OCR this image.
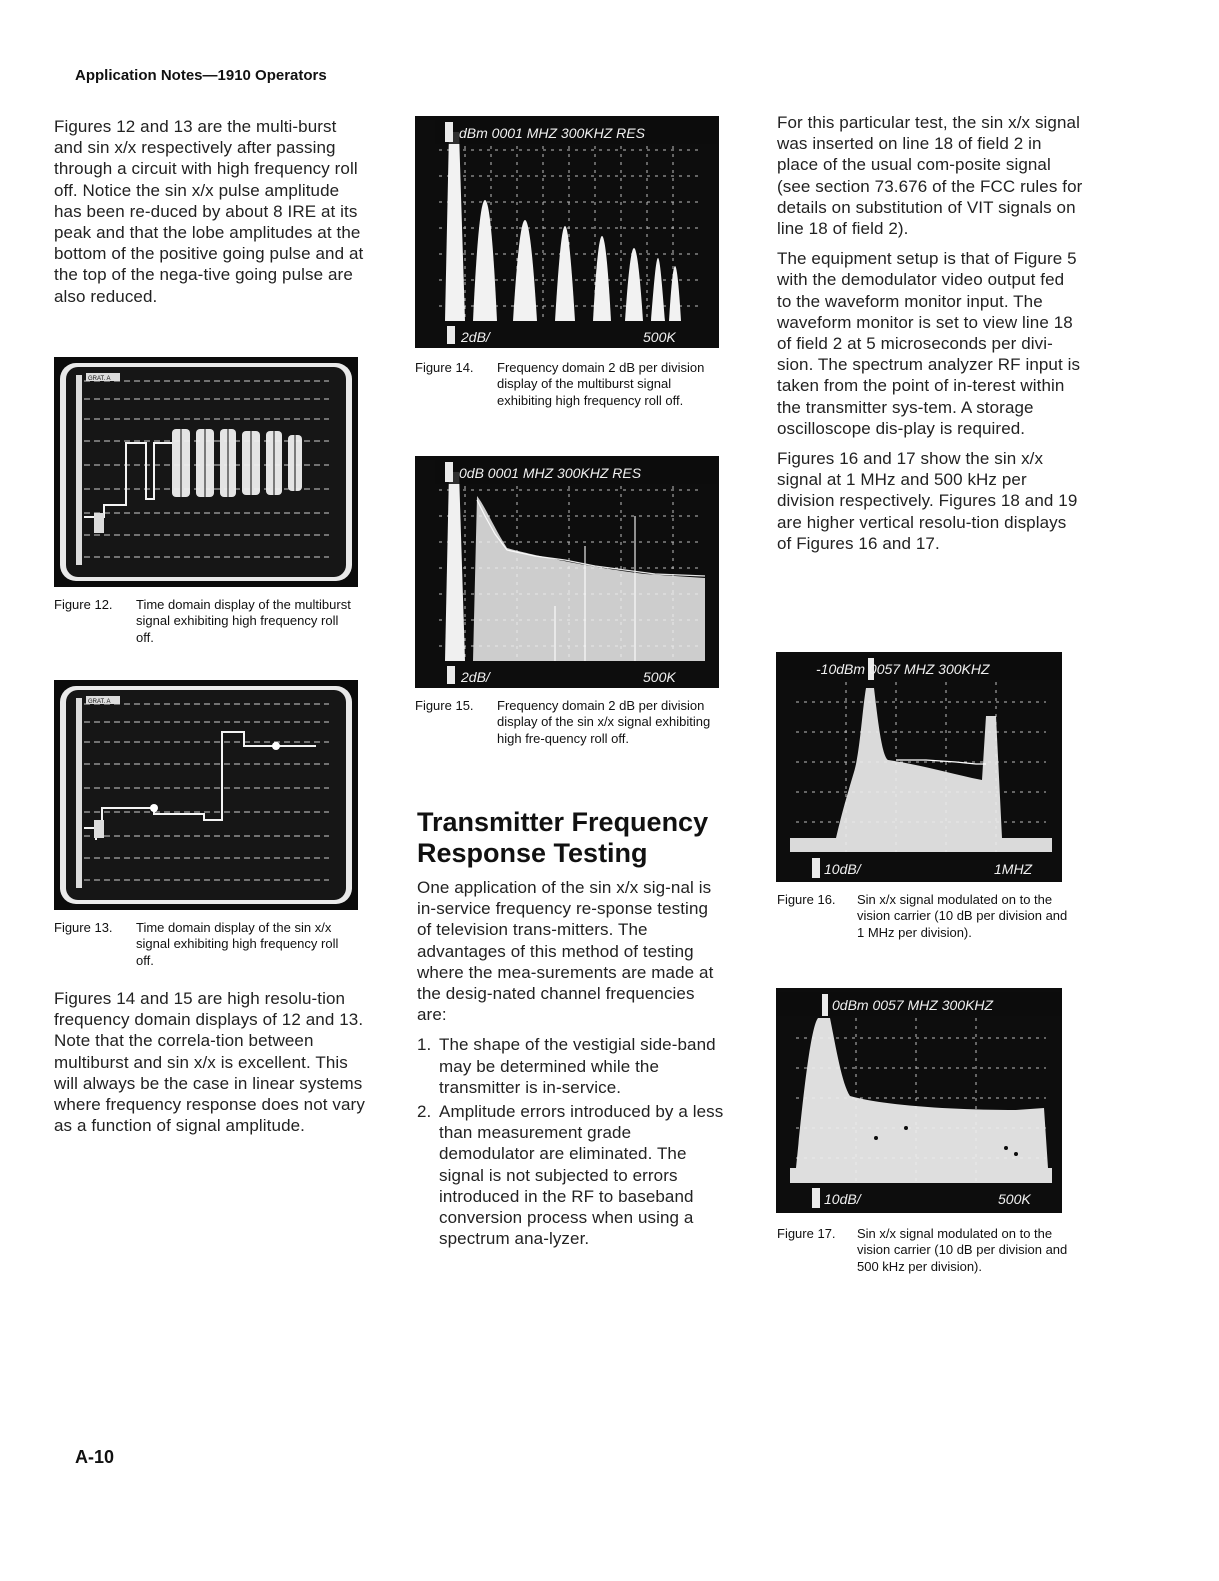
Application Notes—1910 Operators

Figures 12 and 13 are the multi-burst and sin x/x respectively after passing through a circuit with high frequency roll off. Notice the sin x/x pulse amplitude has been re-duced by about 8 IRE at its peak and that the lobe amplitudes at the bottom of the positive going pulse and at the top of the nega-tive going pulse are also reduced.

GRAT. A
Figure 12. Time domain display of the multiburst signal exhibiting high frequency roll off.
GRAT. A
Figure 13. Time domain display of the sin x/x signal exhibiting high frequency roll off.

Figures 14 and 15 are high resolu-tion frequency domain displays of 12 and 13. Note that the correla-tion between multiburst and sin x/x is excellent. This will always be the case in linear systems where frequency response does not vary as a function of signal amplitude.

dBm 0001 MHZ 300KHZ RES
2dB/	500K
Figure 14. Frequency domain 2 dB per division display of the multiburst signal exhibiting high frequency roll off.
0dB 0001 MHZ 300KHZ RES
2dB/	500K
Figure 15. Frequency domain 2 dB per division display of the sin x/x signal exhibiting high fre-quency roll off.
Transmitter Frequency
Response Testing

One application of the sin x/x sig-nal is in-service frequency re-sponse testing of television trans-mitters. The advantages of this method of testing where the mea-surements are made at the desig-nated channel frequencies are:

1. The shape of the vestigial side-band may be determined while the transmitter is in-service.
2. Amplitude errors introduced by a less than measurement grade demodulator are eliminated. The signal is not subjected to errors introduced in the RF to baseband conversion process when using a spectrum ana-lyzer.

For this particular test, the sin x/x signal was inserted on line 18 of field 2 in place of the usual com-posite signal (see section 73.676 of the FCC rules for details on substitution of VIT signals on line 18 of field 2).

The equipment setup is that of Figure 5 with the demodulator video output fed to the waveform monitor input. The waveform monitor is set to view line 18 of field 2 at 5 microseconds per divi-sion. The spectrum analyzer RF input is taken from the point of in-terest within the transmitter sys-tem. A storage oscilloscope dis-play is required.

Figures 16 and 17 show the sin x/x signal at 1 MHz and 500 kHz per division respectively. Figures 18 and 19 are higher vertical resolu-tion displays of Figures 16 and 17.

-10dBm 0057 MHZ 300KHZ
10dB/	1MHZ
Figure 16. Sin x/x signal modulated on to the vision carrier (10 dB per division and 1 MHz per division).
0dBm 0057 MHZ 300KHZ
10dB/	500K
Figure 17. Sin x/x signal modulated on to the vision carrier (10 dB per division and 500 kHz per division).
A-10
